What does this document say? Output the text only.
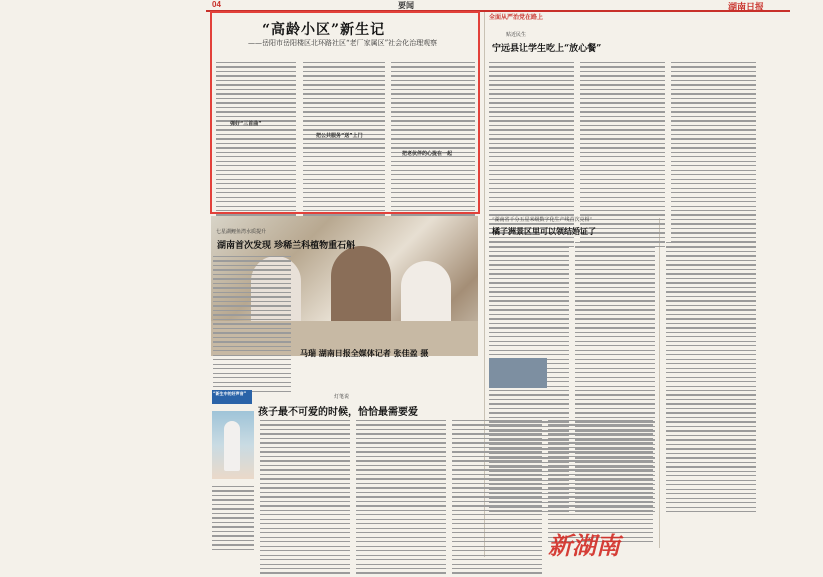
04	要闻	湖南日报
“高龄小区”新生记
——岳阳市岳阳楼区北环路社区“老厂家属区”社会化治理观察
弹好“三首曲”
把公共服务“送”上门
把老伙伴的心拢在一起
全面从严治党在路上
贴近民生
宁远县让学生吃上“放心餐”
马瑞 湖南日报全媒体记者 张佳盈 摄
七星湖鲤鱼湾水质提升
湖南首次发现 珍稀兰科植物重石斛
“湖南省千分五星米级数字化生产线首次亮相”
橘子洲景区里可以领结婚证了
“新生中的好声音”
灯笔说
孩子最不可爱的时候，恰恰最需要爱
新湖南
